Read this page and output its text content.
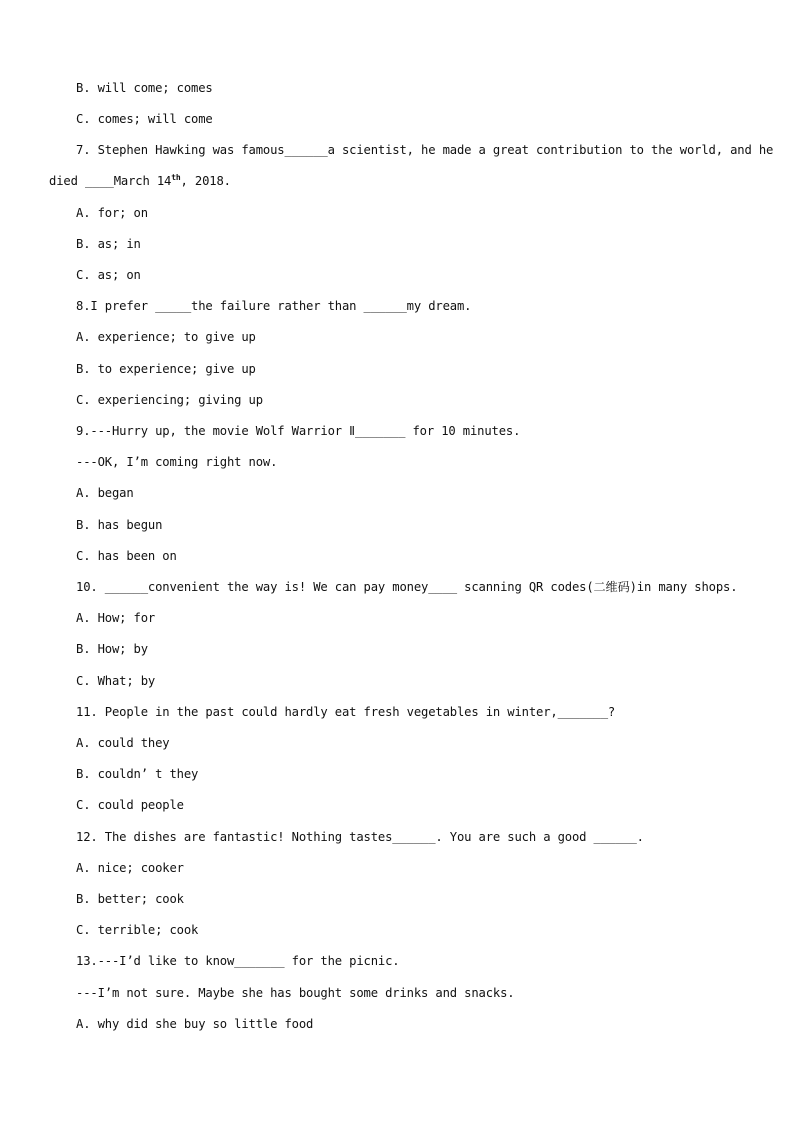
B. will come; comes
C. comes; will come
7. Stephen Hawking was famous______a scientist, he made a great contribution to the world, and he
died ____March 14th, 2018.
A. for; on
B. as; in
C. as; on
8.I prefer _____the failure rather than ______my dream.
A. experience; to give up
B. to experience; give up
C. experiencing; giving up
9.---Hurry up, the movie Wolf Warrior Ⅱ_______ for 10 minutes.
---OK, I’m coming right now.
A. began
B. has begun
C. has been on
10. ______convenient the way is! We can pay money____ scanning QR codes(二维码)in many shops.
A. How; for
B. How; by
C. What; by
11. People in the past could hardly eat fresh vegetables in winter,_______?
A. could they
B. couldn’ t they
C. could people
12. The dishes are fantastic! Nothing tastes______. You are such a good ______.
A. nice; cooker
B. better; cook
C. terrible; cook
13.---I’d like to know_______ for the picnic.
---I’m not sure. Maybe she has bought some drinks and snacks.
A. why did she buy so little food
